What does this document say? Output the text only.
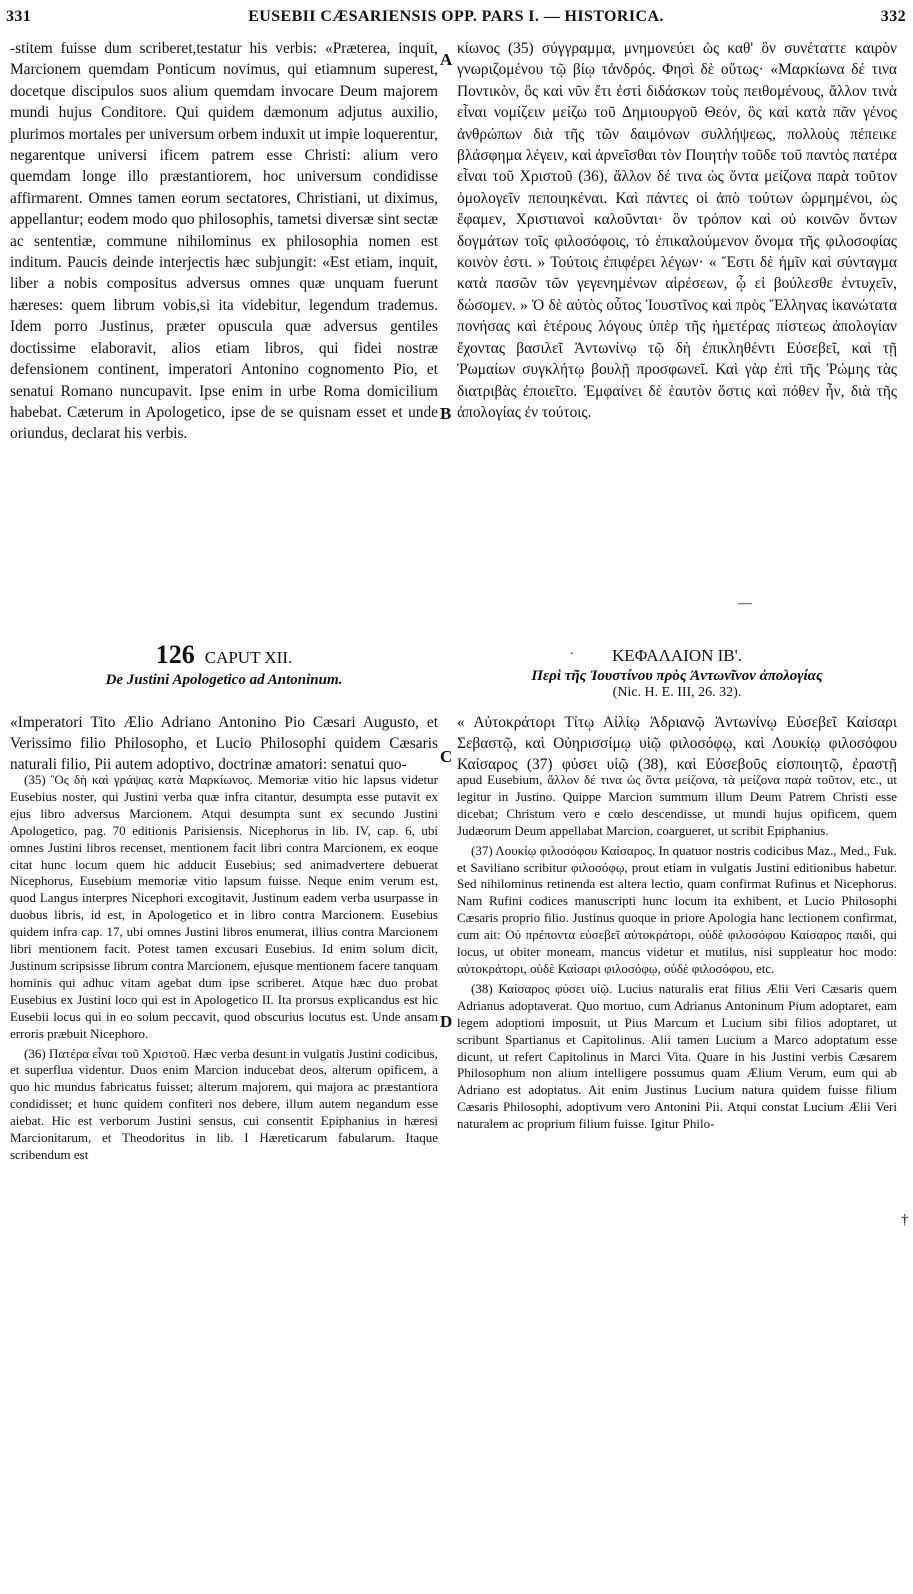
331	EUSEBII CÆSARIENSIS OPP. PARS I. — HISTORICA.	332
-stitem fuisse dum scriberet,testatur his verbis: «Præterea, inquit, Marcionem quemdam Ponticum novimus, qui etiamnum superest, docetque discipulos suos alium quemdam invocare Deum majorem mundi hujus Conditore. Qui quidem dæmonum adjutus auxilio, plurimos mortales per universum orbem induxit ut impie loquerentur, negarentque universi ificem patrem esse Christi: alium vero quemdam longe illo præstantiorem, hoc universum condidisse affirmarent. Omnes tamen eorum sectatores, Christiani, ut diximus, appellantur; eodem modo quo philosophis, tametsi diversæ sint sectæ ac sententiæ, commune nihilominus ex philosophia nomen est inditum. Paucis deinde interjectis hæc subjungit: «Est etiam, inquit, liber a nobis compositus adversus omnes quæ unquam fuerunt hæreses: quem librum vobis,si ita videbitur, legendum trademus. Idem porro Justinus, præter opuscula quæ adversus gentiles doctissime elaboravit, alios etiam libros, qui fidei nostræ defensionem continent, imperatori Antonino cognomento Pio, et senatui Romano nuncupavit. Ipse enim in urbe Roma domicilium habebat. Cæterum in Apologetico, ipse de se quisnam esset et unde oriundus, declarat his verbis.
κίωνος (35) σύγγραμμα, μνημονεύει ὡς καθ' ὃν συνέταττε καιρὸν γνωριζομένου τῷ βίῳ τἀνδρός. Φησὶ δὲ οὕτως· «Μαρκίωνα δέ τινα Ποντικὸν, ὃς καὶ νῦν ἔτι ἐστὶ διδάσκων τοὺς πειθομένους, ἄλλον τινὰ εἶναι νομίζειν μείζω τοῦ Δημιουργοῦ Θεόν, ὃς καὶ κατὰ πᾶν γένος ἀνθρώπων διὰ τῆς τῶν δαιμόνων συλλήψεως, πολλοὺς πέπεικε βλάσφημα λέγειν, καὶ ἀρνεῖσθαι τὸν Ποιητὴν τοῦδε τοῦ παντὸς πατέρα εἶναι τοῦ Χριστοῦ (36), ἄλλον δέ τινα ὡς ὄντα μείζονα παρὰ τοῦτον ὁμολογεῖν πεποιηκέναι. Καὶ πάντες οἱ ἀπὸ τούτων ὡρμημένοι, ὡς ἔφαμεν, Χριστιανοὶ καλοῦνται· ὃν τρόπον καὶ οὐ κοινῶν ὄντων δογμάτων τοῖς φιλοσόφοις, τὸ ἐπικαλούμενον ὄνομα τῆς φιλοσοφίας κοινὸν ἐστι. » Τούτοις ἐπιφέρει λέγων· « Ἔστι δὲ ἡμῖν καὶ σύνταγμα κατὰ πασῶν τῶν γεγενημένων αἱρέσεων, ᾧ εἰ βούλεσθε ἐντυχεῖν, δώσομεν. » Ὁ δὲ αὐτὸς οὗτος Ἰουστῖνος καὶ πρὸς Ἕλληνας ἱκανώτατα πονήσας καὶ ἑτέρους λόγους ὑπὲρ τῆς ἡμετέρας πίστεως ἀπολογίαν ἔχοντας βασιλεῖ Ἀντωνίνῳ τῷ δὴ ἐπικληθέντι Εὐσεβεῖ, καὶ τῇ Ῥωμαίων συγκλήτῳ βουλῇ προσφωνεῖ. Καὶ γὰρ ἐπὶ τῆς Ῥώμης τὰς διατριβὰς ἐποιεῖτο. Ἐμφαίνει δὲ ἑαυτὸν ὅστις καὶ πόθεν ἦν, διὰ τῆς ἀπολογίας ἐν τούτοις.
A
B
C
D
—
.
†
126 CAPUT XII.
De Justini Apologetico ad Antoninum.
ΚΕΦΑΛΑΙΟΝ ΙΒ'.
Περὶ τῆς Ἰουστίνου πρὸς Ἀντωνῖνον ἀπολογίας
(Nic. H. E. III, 26. 32).
«Imperatori Tito Ælio Adriano Antonino Pio Cæsari Augusto, et Verissimo filio Philosopho, et Lucio Philosophi quidem Cæsaris naturali filio, Pii autem adoptivo, doctrinæ amatori: senatui quo-
« Αὐτοκράτορι Τίτῳ Αἰλίῳ Ἀδριανῷ Ἀντωνίνῳ Εὐσεβεῖ Καίσαρι Σεβαστῷ, καὶ Οὐηρισσίμῳ υἱῷ φιλοσόφῳ, καὶ Λουκίῳ φιλοσόφου Καίσαρος (37) φύσει υἱῷ (38), καὶ Εὐσεβοῦς εἰσποιητῷ, ἐραστῇ

(35) Ὃς δὴ καὶ γράψας κατὰ Μαρκίωνος. Memoriæ vitio hic lapsus videtur Eusebius noster, qui Justini verba quæ infra citantur, desumpta esse putavit ex ejus libro adversus Marcionem. Atqui desumpta sunt ex secundo Justini Apologetico, pag. 70 editionis Parisiensis. Nicephorus in lib. IV, cap. 6, ubi omnes Justini libros recenset, mentionem facit libri contra Marcionem, ex eoque citat hunc locum quem hic adducit Eusebius; sed animadvertere debuerat Nicephorus, Eusebium memoriæ vitio lapsum fuisse. Neque enim verum est, quod Langus interpres Nicephori excogitavit, Justinum eadem verba usurpasse in duobus libris, id est, in Apologetico et in libro contra Marcionem. Eusebius quidem infra cap. 17, ubi omnes Justini libros enumerat, illius contra Marcionem libri mentionem facit. Potest tamen excusari Eusebius. Id enim solum dicit, Justinum scripsisse librum contra Marcionem, ejusque mentionem facere tanquam hominis qui adhuc vitam agebat dum ipse scriberet. Atque hæc duo probat Eusebius ex Justini loco qui est in Apologetico II. Ita prorsus explicandus est hic Eusebii locus qui in eo solum peccavit, quod obscurius locutus est. Unde ansam erroris præbuit Nicephoro.

(36) Πατέρα εἶναι τοῦ Χριστοῦ. Hæc verba desunt in vulgatis Justini codicibus, et superflua videntur. Duos enim Marcion inducebat deos, alterum opificem, a quo hic mundus fabricatus fuisset; alterum majorem, qui majora ac præstantiora condidisset; et hunc quidem confiteri nos debere, illum autem negandum esse aiebat. Hic est verborum Justini sensus, cui consentit Epiphanius in hæresi Marcionitarum, et Theodoritus in lib. I Hæreticarum fabularum. Itaque scribendum est

apud Eusebium, ἄλλον δέ τινα ὡς ὄντα μείζονα, τὰ μείζονα παρὰ τοῦτον, etc., ut legitur in Justino. Quippe Marcion summum illum Deum Patrem Christi esse dicebat; Christum vero e cœlo descendisse, ut mundi hujus opificem, quem Judæorum Deum appellabat Marcion, coargueret, ut scribit Epiphanius.

(37) Λουκίῳ φιλοσόφου Καίσαρος. In quatuor nostris codicibus Maz., Med., Fuk. et Saviliano scribitur φιλοσόφῳ, prout etiam in vulgatis Justini editionibus habetur. Sed nihilominus retinenda est altera lectio, quam confirmat Rufinus et Nicephorus. Nam Rufini codices manuscripti hunc locum ita exhibent, et Lucio Philosophi Cæsaris proprio filio. Justinus quoque in priore Apologia hanc lectionem confirmat, cum ait: Οὐ πρέποντα εὐσεβεῖ αὐτοκράτορι, οὐδὲ φιλοσόφου Καίσαρος παιδὶ, qui locus, ut obiter moneam, mancus videtur et mutilus, nisi suppleatur hoc modo: αὐτοκράτορι, οὐδὲ Καίσαρι φιλοσόφῳ, οὐδὲ φιλοσόφου, etc.

(38) Καίσαρος φύσει υἱῷ. Lucius naturalis erat filius Ælii Veri Cæsaris quem Adrianus adoptaverat. Quo mortuo, cum Adrianus Antoninum Pium adoptaret, eam legem adoptioni imposuit, ut Pius Marcum et Lucium sibi filios adoptaret, ut scribunt Spartianus et Capitolinus. Alii tamen Lucium a Marco adoptatum esse dicunt, ut refert Capitolinus in Marci Vita. Quare in his Justini verbis Cæsarem Philosophum non alium intelligere possumus quam Ælium Verum, eum qui ab Adriano est adoptatus. Ait enim Justinus Lucium natura quidem fuisse filium Cæsaris Philosophi, adoptivum vero Antonini Pii. Atqui constat Lucium Ælii Veri naturalem ac proprium filium fuisse. Igitur Philo-
